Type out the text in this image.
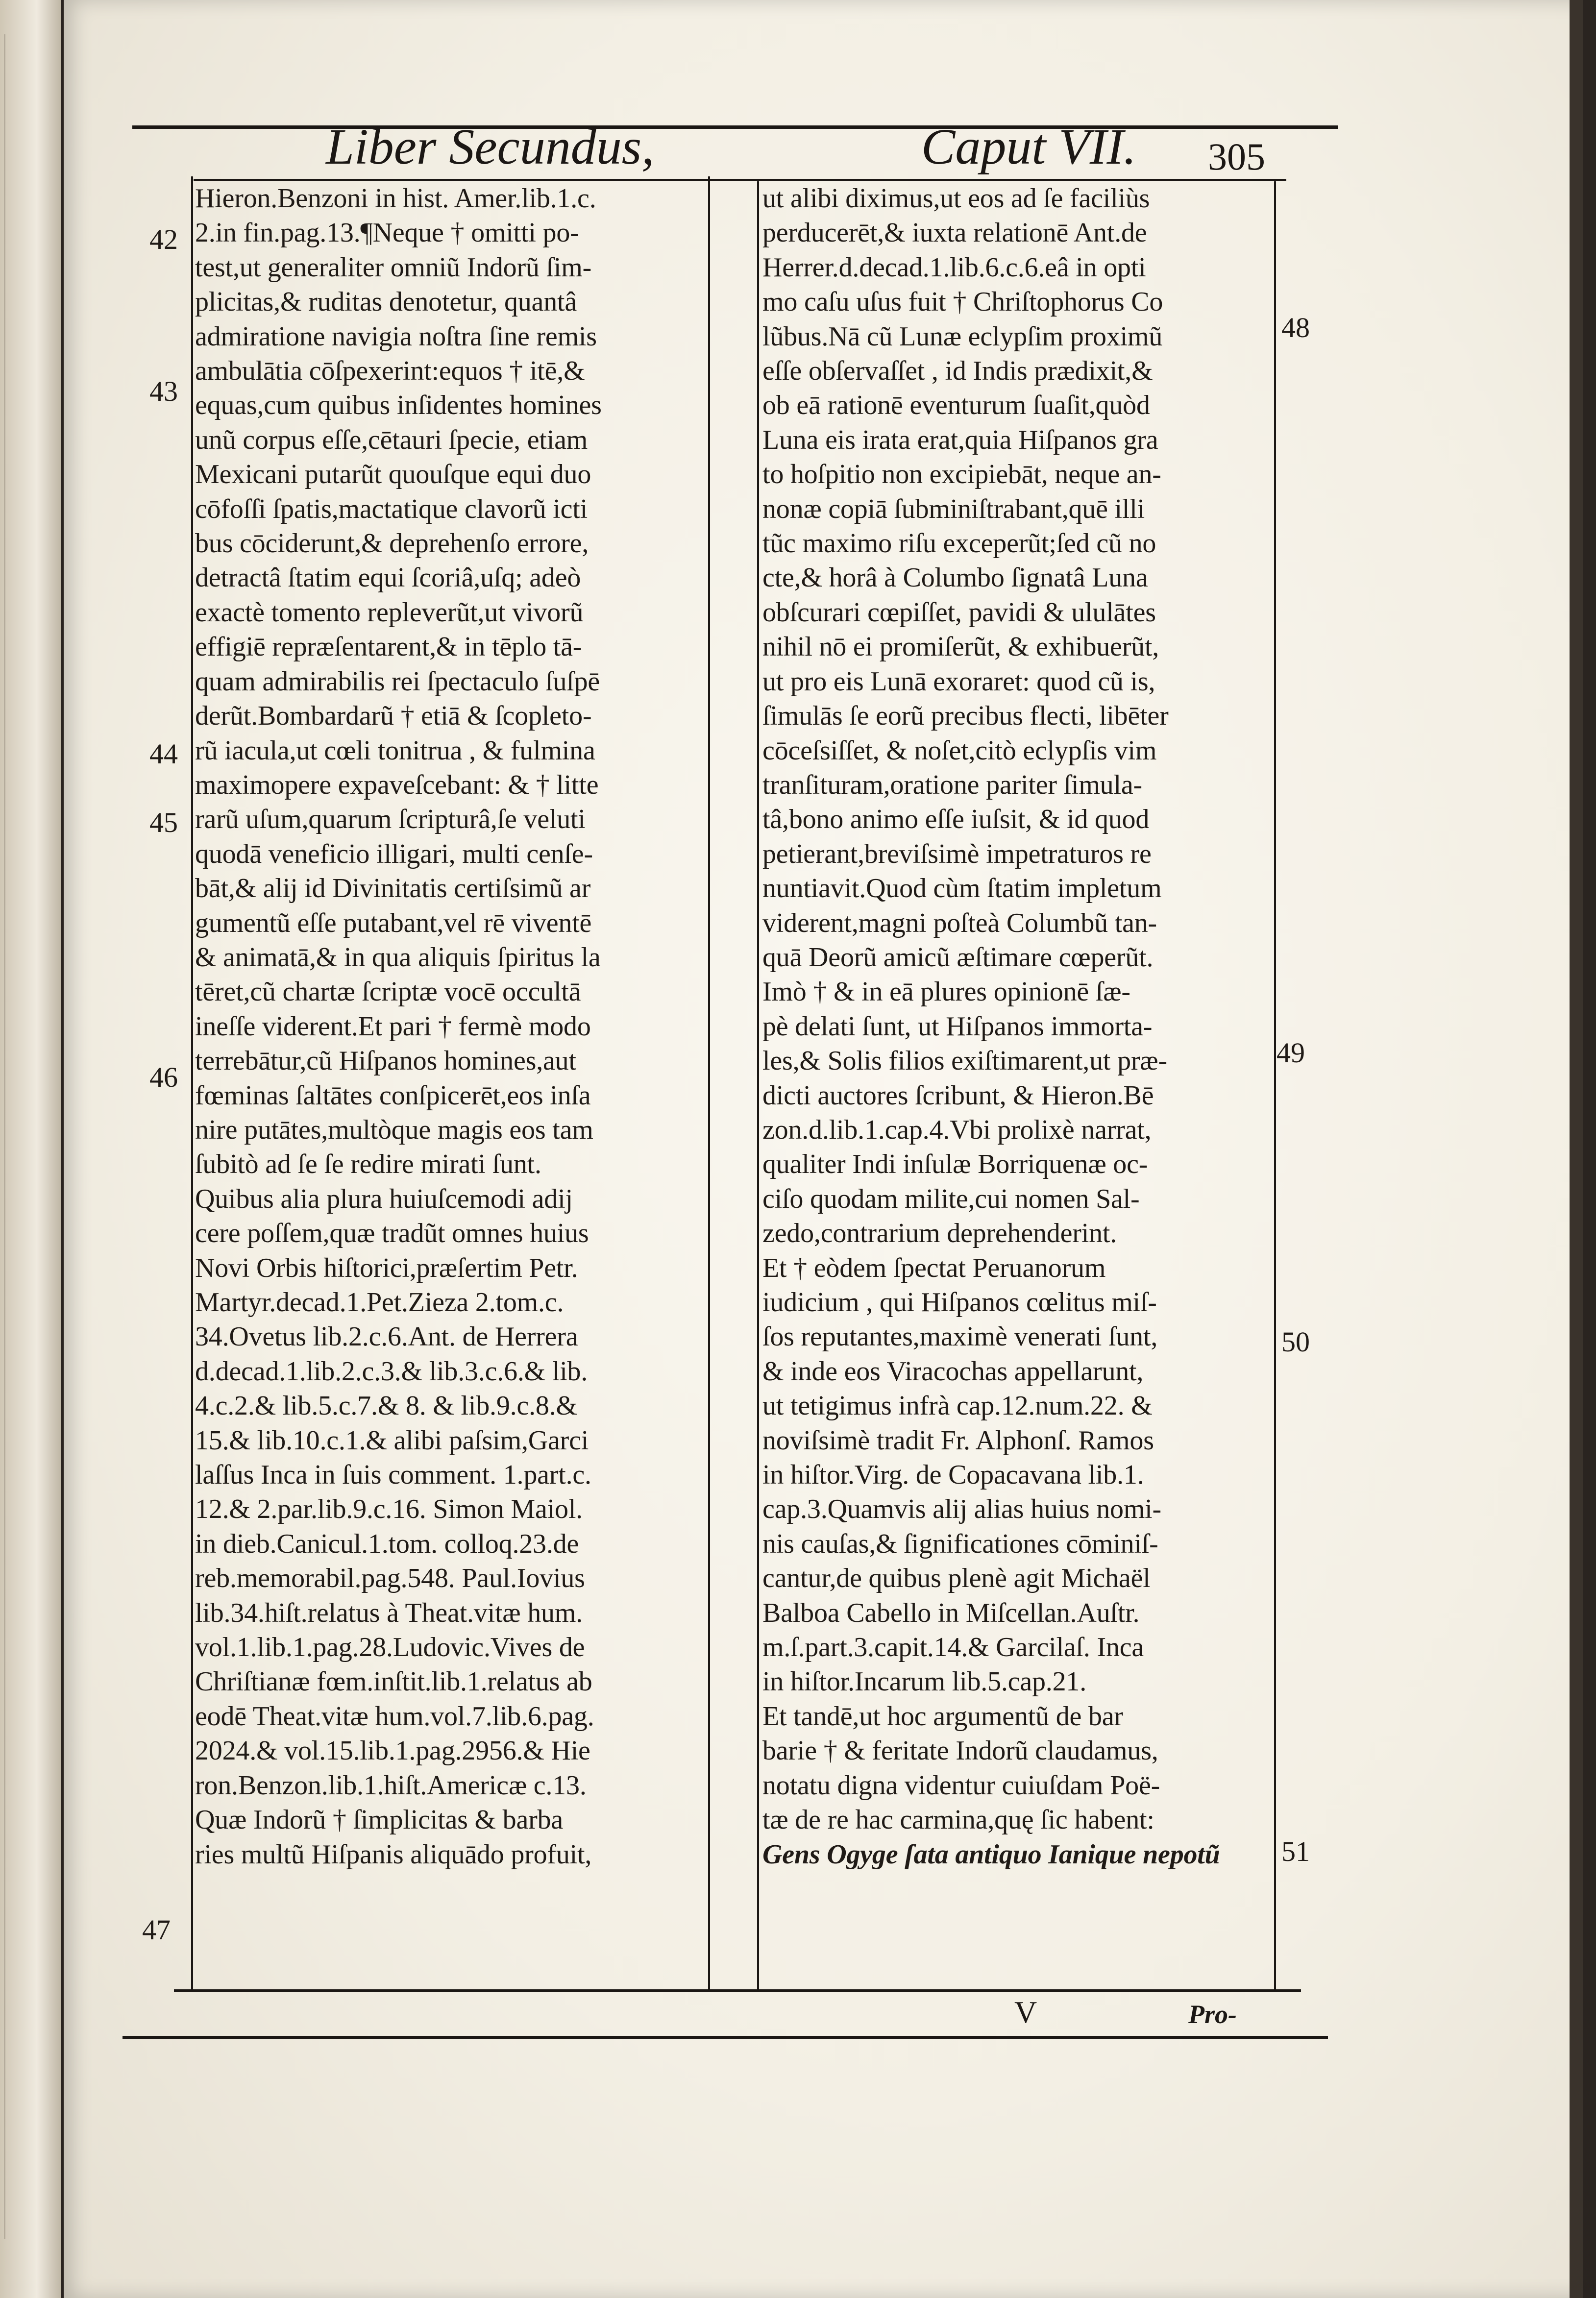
Liber Secundus,	Caput VII. 305
Hieron.Benzoni in hist. Amer.lib.1.c.
2.in fin.pag.13.¶Neque † omitti po-
test,ut generaliter omniũ Indorũ ſim-
plicitas,& ruditas denotetur, quantâ
admiratione navigia noſtra ſine remis
ambulātia cōſpexerint:equos † itē,&
equas,cum quibus inſidentes homines
unũ corpus eſſe,cētauri ſpecie, etiam
Mexicani putarũt quouſque equi duo
cōfoſſi ſpatis,mactatique clavorũ icti
bus cōciderunt,& deprehenſo errore,
detractâ ſtatim equi ſcoriâ,uſq; adeò
exactè tomento repleverũt,ut vivorũ
effigiē repræſentarent,& in tēplo tā-
quam admirabilis rei ſpectaculo ſuſpē
derũt.Bombardarũ † etiā & ſcopleto-
rũ iacula,ut cœli tonitrua , & fulmina
maximopere expaveſcebant: & † litte
rarũ uſum,quarum ſcripturâ,ſe veluti
quodā veneficio illigari, multi cenſe-
bāt,& alij id Divinitatis certiſsimũ ar
gumentũ eſſe putabant,vel rē viventē
& animatā,& in qua aliquis ſpiritus la
tēret,cũ chartæ ſcriptæ vocē occultā
ineſſe viderent.Et pari † fermè modo
terrebātur,cũ Hiſpanos homines,aut
fœminas ſaltātes conſpicerēt,eos inſa
nire putātes,multòque magis eos tam
ſubitò ad ſe ſe redire mirati ſunt.
Quibus alia plura huiuſcemodi adij
cere poſſem,quæ tradũt omnes huius
Novi Orbis hiſtorici,præſertim Petr.
Martyr.decad.1.Pet.Zieza 2.tom.c.
34.Ovetus lib.2.c.6.Ant. de Herrera
d.decad.1.lib.2.c.3.& lib.3.c.6.& lib.
4.c.2.& lib.5.c.7.& 8. & lib.9.c.8.&
15.& lib.10.c.1.& alibi paſsim,Garci
laſſus Inca in ſuis comment. 1.part.c.
12.& 2.par.lib.9.c.16. Simon Maiol.
in dieb.Canicul.1.tom. colloq.23.de
reb.memorabil.pag.548. Paul.Iovius
lib.34.hiſt.relatus à Theat.vitæ hum.
vol.1.lib.1.pag.28.Ludovic.Vives de
Chriſtianæ fœm.inſtit.lib.1.relatus ab
eodē Theat.vitæ hum.vol.7.lib.6.pag.
2024.& vol.15.lib.1.pag.2956.& Hie
ron.Benzon.lib.1.hiſt.Americæ c.13.
Quæ Indorũ † ſimplicitas & barba
ries multũ Hiſpanis aliquādo profuit,
ut alibi diximus,ut eos ad ſe faciliùs
perducerēt,& iuxta relationē Ant.de
Herrer.d.decad.1.lib.6.c.6.eâ in opti
mo caſu uſus fuit † Chriſtophorus Co
lũbus.Nā cũ Lunæ eclypſim proximũ
eſſe obſervaſſet , id Indis prædixit,&
ob eā rationē eventurum ſuaſit,quòd
Luna eis irata erat,quia Hiſpanos gra
to hoſpitio non excipiebāt, neque an-
nonæ copiā ſubminiſtrabant,quē illi
tũc maximo riſu exceperũt;ſed cũ no
cte,& horâ à Columbo ſignatâ Luna
obſcurari cœpiſſet, pavidi & ululātes
nihil nō ei promiſerũt, & exhibuerũt,
ut pro eis Lunā exoraret: quod cũ is,
ſimulās ſe eorũ precibus flecti, libēter
cōceſsiſſet, & noſet,citò eclypſis vim
tranſituram,oratione pariter ſimula-
tâ,bono animo eſſe iuſsit, & id quod
petierant,breviſsimè impetraturos re
nuntiavit.Quod cùm ſtatim impletum
viderent,magni poſteà Columbũ tan-
quā Deorũ amicũ æſtimare cœperũt.
Imò † & in eā plures opinionē ſæ-
pè delati ſunt, ut Hiſpanos immorta-
les,& Solis filios exiſtimarent,ut præ-
dicti auctores ſcribunt, & Hieron.Bē
zon.d.lib.1.cap.4.Vbi prolixè narrat,
qualiter Indi inſulæ Borriquenæ oc-
ciſo quodam milite,cui nomen Sal-
zedo,contrarium deprehenderint.
Et † eòdem ſpectat Peruanorum
iudicium , qui Hiſpanos cœlitus miſ-
ſos reputantes,maximè venerati ſunt,
& inde eos Viracochas appellarunt,
ut tetigimus infrà cap.12.num.22. &
noviſsimè tradit Fr. Alphonſ. Ramos
in hiſtor.Virg. de Copacavana lib.1.
cap.3.Quamvis alij alias huius nomi-
nis cauſas,& ſignificationes cōminiſ-
cantur,de quibus plenè agit Michaël
Balboa Cabello in Miſcellan.Auſtr.
m.ſ.part.3.capit.14.& Garcilaſ. Inca
in hiſtor.Incarum lib.5.cap.21.
Et tandē,ut hoc argumentũ de bar
barie † & feritate Indorũ claudamus,
notatu digna videntur cuiuſdam Poë-
tæ de re hac carmina,quę ſic habent:
Gens Ogyge ſata antiquo Ianique nepotũ
42
43
44
45
46
47
48
49
50
51
V	Pro-
